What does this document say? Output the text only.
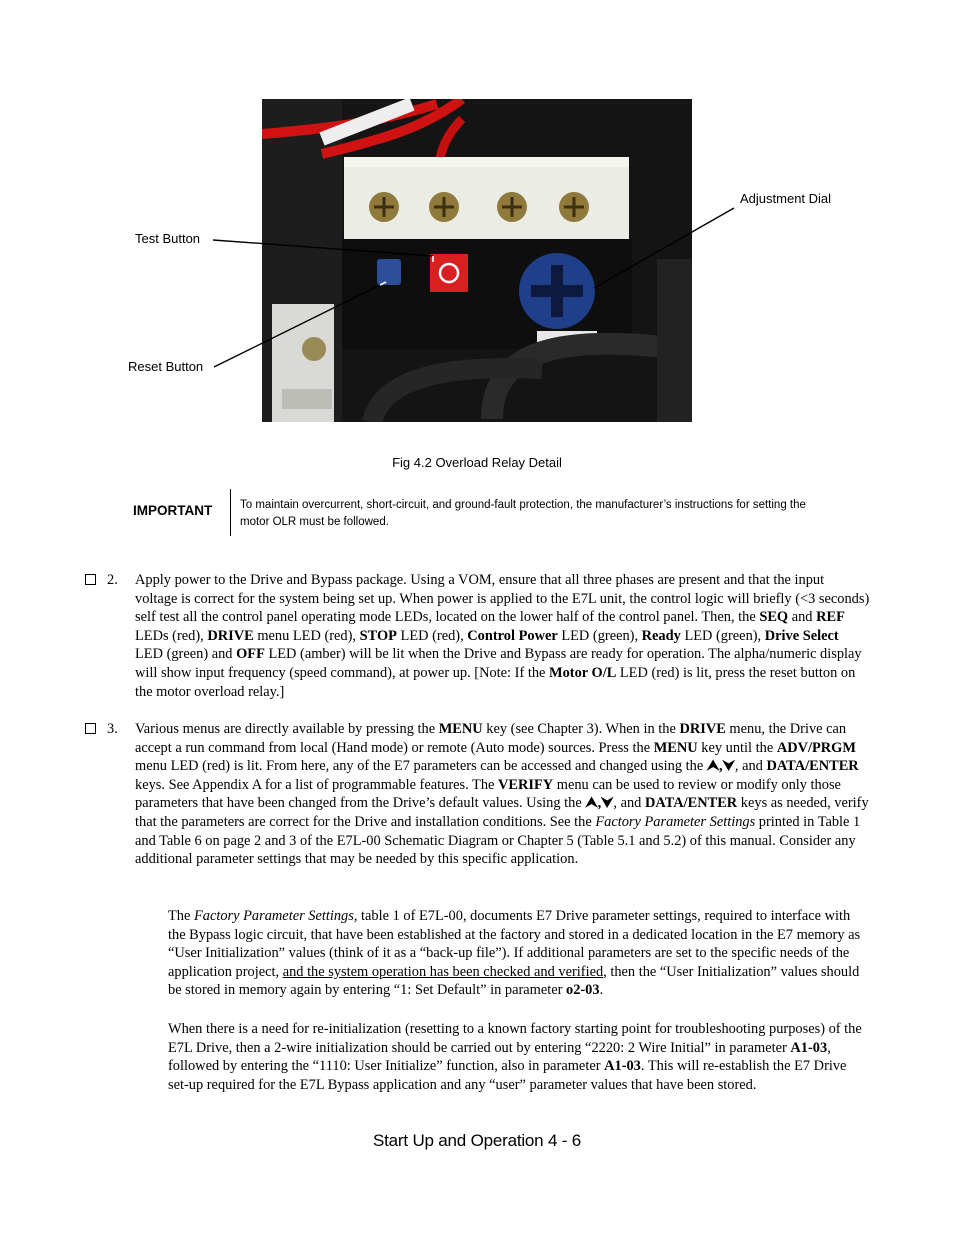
Adjustment Dial
Test Button
Reset Button
Fig 4.2 Overload Relay Detail
IMPORTANT To maintain overcurrent, short-circuit, and ground-fault protection, the manufacturer’s instructions for setting the motor OLR must be followed.
2. Apply power to the Drive and Bypass package. Using a VOM, ensure that all three phases are present and that the input voltage is correct for the system being set up. When power is applied to the E7L unit, the control logic will briefly (<3 seconds) self test all the control panel operating mode LEDs, located on the lower half of the control panel. Then, the SEQ and REF LEDs (red), DRIVE menu LED (red), STOP LED (red), Control Power LED (green), Ready LED (green), Drive Select LED (green) and OFF LED (amber) will be lit when the Drive and Bypass are ready for operation. The alpha/numeric display will show input frequency (speed command), at power up. [Note: If the Motor O/L LED (red) is lit, press the reset button on the motor overload relay.]
3. Various menus are directly available by pressing the MENU key (see Chapter 3). When in the DRIVE menu, the Drive can accept a run command from local (Hand mode) or remote (Auto mode) sources. Press the MENU key until the ADV/PRGM menu LED (red) is lit. From here, any of the E7 parameters can be accessed and changed using the ⮝,⮟, and DATA/ENTER keys. See Appendix A for a list of programmable features. The VERIFY menu can be used to review or modify only those parameters that have been changed from the Drive’s default values. Using the ⮝,⮟, and DATA/ENTER keys as needed, verify that the parameters are correct for the Drive and installation conditions. See the Factory Parameter Settings printed in Table 1 and Table 6 on page 2 and 3 of the E7L-00 Schematic Diagram or Chapter 5 (Table 5.1 and 5.2) of this manual. Consider any additional parameter settings that may be needed by this specific application.
The Factory Parameter Settings, table 1 of E7L-00, documents E7 Drive parameter settings, required to interface with the Bypass logic circuit, that have been established at the factory and stored in a dedicated location in the E7 memory as “User Initialization” values (think of it as a “back-up file”). If additional parameters are set to the specific needs of the application project, and the system operation has been checked and verified, then the “User Initialization” values should be stored in memory again by entering “1: Set Default” in parameter o2-03.
When there is a need for re-initialization (resetting to a known factory starting point for troubleshooting purposes) of the E7L Drive, then a 2-wire initialization should be carried out by entering “2220: 2 Wire Initial” in parameter A1-03, followed by entering the “1110: User Initialize” function, also in parameter A1-03. This will re-establish the E7 Drive set-up required for the E7L Bypass application and any “user” parameter values that have been stored.
Start Up and Operation 4 - 6
